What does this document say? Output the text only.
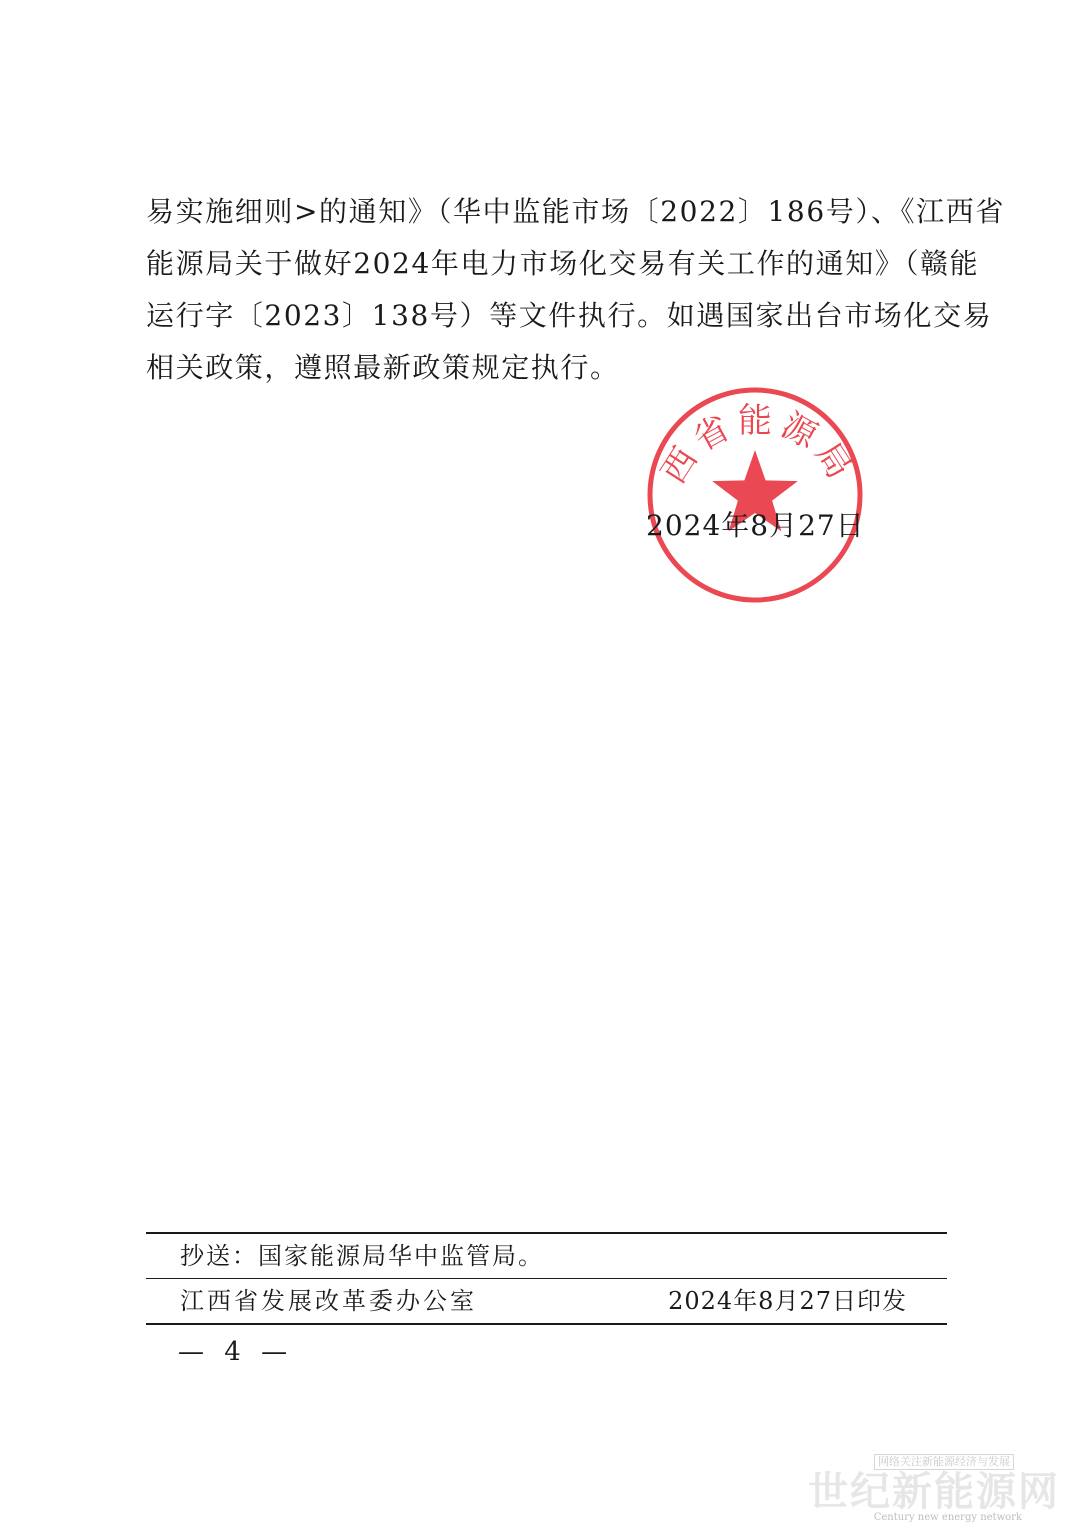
易实施细则>的通知》（华中监能市场〔2022〕186号）、《江西省
能源局关于做好2024年电力市场化交易有关工作的通知》（赣能
运行字〔2023〕138号）等文件执行。如遇国家出台市场化交易
相关政策，遵照最新政策规定执行。
西省能源局
2024年8月27日
抄送：国家能源局华中监管局。
江西省发展改革委办公室	2024年8月27日印发
— 4 —
网络关注新能源经济与发展
世纪新能源网
Century new energy network
